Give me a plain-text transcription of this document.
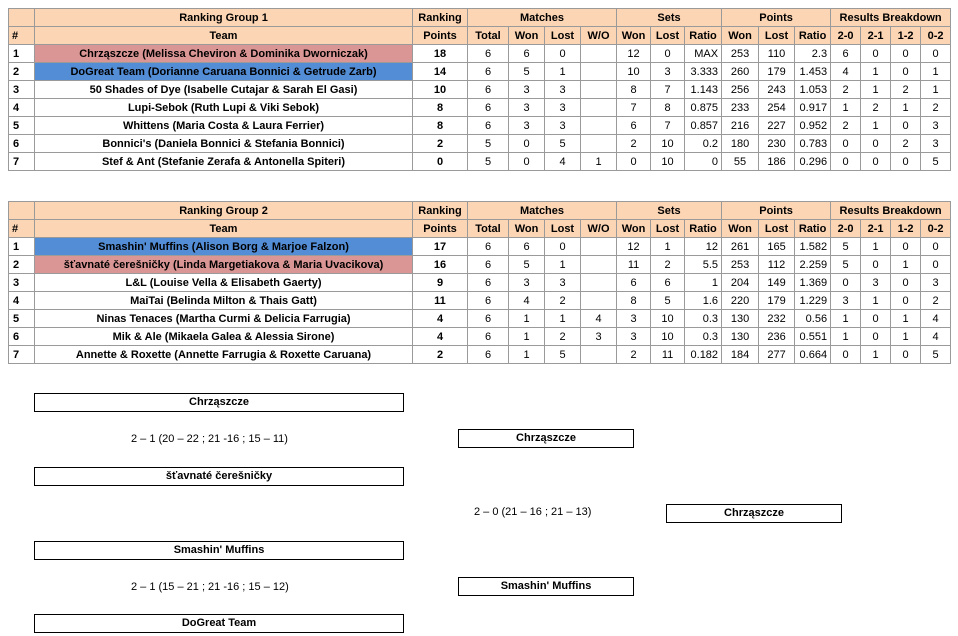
	Ranking Group 1	Ranking	Matches				Sets			Points			Results Breakdown			
#	Team	Points	Total	Won	Lost	W/O	Won	Lost	Ratio	Won	Lost	Ratio	2-0	2-1	1-2	0-2
1	Chrząszcze (Melissa Cheviron & Dominika Dworniczak)	18	6	6	0		12	0	MAX	253	110	2.3	6	0	0	0
2	DoGreat Team (Dorianne Caruana Bonnici & Getrude Zarb)	14	6	5	1		10	3	3.333	260	179	1.453	4	1	0	1
3	50 Shades of Dye (Isabelle Cutajar & Sarah El Gasi)	10	6	3	3		8	7	1.143	256	243	1.053	2	1	2	1
4	Lupi-Sebok (Ruth Lupi & Viki Sebok)	8	6	3	3		7	8	0.875	233	254	0.917	1	2	1	2
5	Whittens (Maria Costa & Laura Ferrier)	8	6	3	3		6	7	0.857	216	227	0.952	2	1	0	3
6	Bonnici's (Daniela Bonnici & Stefania Bonnici)	2	5	0	5		2	10	0.2	180	230	0.783	0	0	2	3
7	Stef & Ant (Stefanie Zerafa & Antonella Spiteri)	0	5	0	4	1	0	10	0	55	186	0.296	0	0	0	5
	Ranking Group 2	Ranking	Matches				Sets			Points			Results Breakdown			
#	Team	Points	Total	Won	Lost	W/O	Won	Lost	Ratio	Won	Lost	Ratio	2-0	2-1	1-2	0-2
1	Smashin' Muffins (Alison Borg & Marjoe Falzon)	17	6	6	0		12	1	12	261	165	1.582	5	1	0	0
2	šťavnaté čerešničky (Linda Margetiakova & Maria Uvacikova)	16	6	5	1		11	2	5.5	253	112	2.259	5	0	1	0
3	L&L (Louise Vella & Elisabeth Gaerty)	9	6	3	3		6	6	1	204	149	1.369	0	3	0	3
4	MaiTai (Belinda Milton & Thais Gatt)	11	6	4	2		8	5	1.6	220	179	1.229	3	1	0	2
5	Ninas Tenaces (Martha Curmi & Delicia Farrugia)	4	6	1	1	4	3	10	0.3	130	232	0.56	1	0	1	4
6	Mik & Ale (Mikaela Galea & Alessia Sirone)	4	6	1	2	3	3	10	0.3	130	236	0.551	1	0	1	4
7	Annette & Roxette (Annette Farrugia & Roxette Caruana)	2	6	1	5		2	11	0.182	184	277	0.664	0	1	0	5
Chrząszcze
2 – 1 (20 – 22 ; 21 -16 ; 15 – 11)
šťavnaté čerešničky
Chrząszcze
2 – 0 (21 – 16 ; 21 – 13)	Chrząszcze
Smashin' Muffins
2 – 1 (15 – 21 ; 21 -16 ; 15 – 12)
DoGreat Team
Smashin' Muffins
